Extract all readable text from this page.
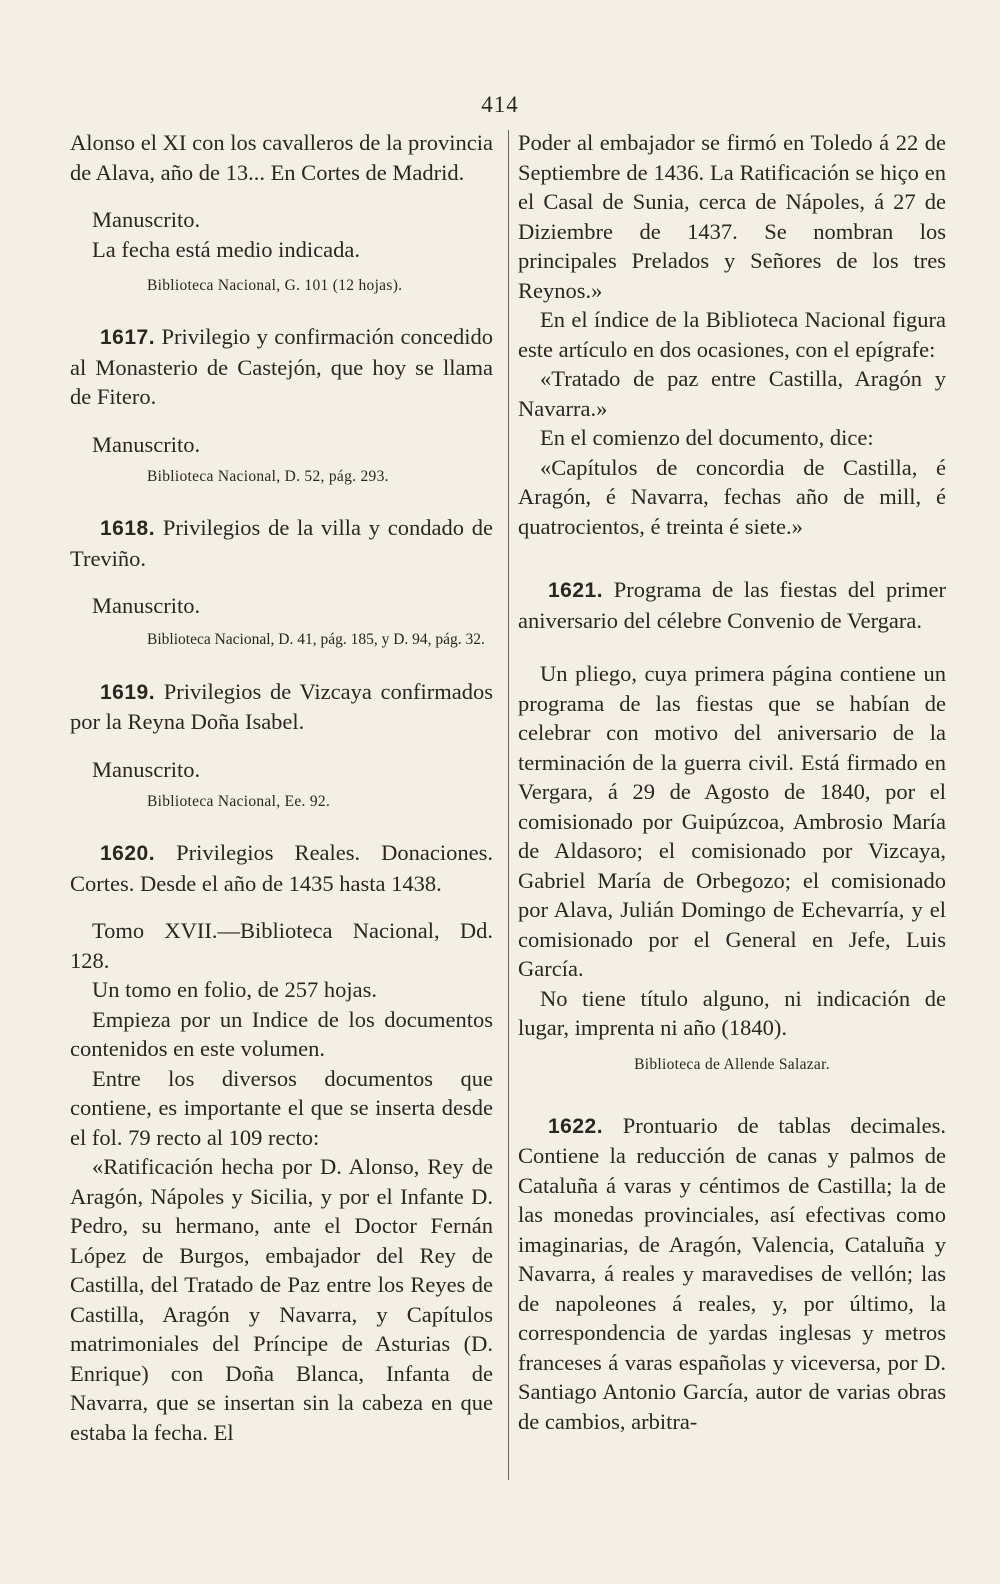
414

Alonso el XI con los cavalleros de la provincia de Alava, año de 13... En Cortes de Madrid.

Manuscrito.

La fecha está medio indicada.

Biblioteca Nacional, G. 101 (12 hojas).

1617. Privilegio y confirmación concedido al Monasterio de Castejón, que hoy se llama de Fitero.

Manuscrito.

Biblioteca Nacional, D. 52, pág. 293.

1618. Privilegios de la villa y condado de Treviño.

Manuscrito.

Biblioteca Nacional, D. 41, pág. 185, y D. 94, pág. 32.

1619. Privilegios de Vizcaya confirmados por la Reyna Doña Isabel.

Manuscrito.

Biblioteca Nacional, Ee. 92.

1620. Privilegios Reales. Donaciones. Cortes. Desde el año de 1435 hasta 1438.

Tomo XVII.—Biblioteca Nacional, Dd. 128.

Un tomo en folio, de 257 hojas.

Empieza por un Indice de los documentos contenidos en este volumen.

Entre los diversos documentos que contiene, es importante el que se inserta desde el fol. 79 recto al 109 recto:

«Ratificación hecha por D. Alonso, Rey de Aragón, Nápoles y Sicilia, y por el Infante D. Pedro, su hermano, ante el Doctor Fernán López de Burgos, embajador del Rey de Castilla, del Tratado de Paz entre los Reyes de Castilla, Aragón y Navarra, y Capítulos matrimoniales del Príncipe de Asturias (D. Enrique) con Doña Blanca, Infanta de Navarra, que se insertan sin la cabeza en que estaba la fecha. El

Poder al embajador se firmó en Toledo á 22 de Septiembre de 1436. La Ratificación se hiço en el Casal de Sunia, cerca de Nápoles, á 27 de Diziembre de 1437. Se nombran los principales Prelados y Señores de los tres Reynos.»

En el índice de la Biblioteca Nacional figura este artículo en dos ocasiones, con el epígrafe:

«Tratado de paz entre Castilla, Aragón y Navarra.»

En el comienzo del documento, dice:

«Capítulos de concordia de Castilla, é Aragón, é Navarra, fechas año de mill, é quatrocientos, é treinta é siete.»

1621. Programa de las fiestas del primer aniversario del célebre Convenio de Vergara.

Un pliego, cuya primera página contiene un programa de las fiestas que se habían de celebrar con motivo del aniversario de la terminación de la guerra civil. Está firmado en Vergara, á 29 de Agosto de 1840, por el comisionado por Guipúzcoa, Ambrosio María de Aldasoro; el comisionado por Vizcaya, Gabriel María de Orbegozo; el comisionado por Alava, Julián Domingo de Echevarría, y el comisionado por el General en Jefe, Luis García.

No tiene título alguno, ni indicación de lugar, imprenta ni año (1840).

Biblioteca de Allende Salazar.

1622. Prontuario de tablas decimales. Contiene la reducción de canas y palmos de Cataluña á varas y céntimos de Castilla; la de las monedas provinciales, así efectivas como imaginarias, de Aragón, Valencia, Cataluña y Navarra, á reales y maravedises de vellón; las de napoleones á reales, y, por último, la correspondencia de yardas inglesas y metros franceses á varas españolas y viceversa, por D. Santiago Antonio García, autor de varias obras de cambios, arbitra-
